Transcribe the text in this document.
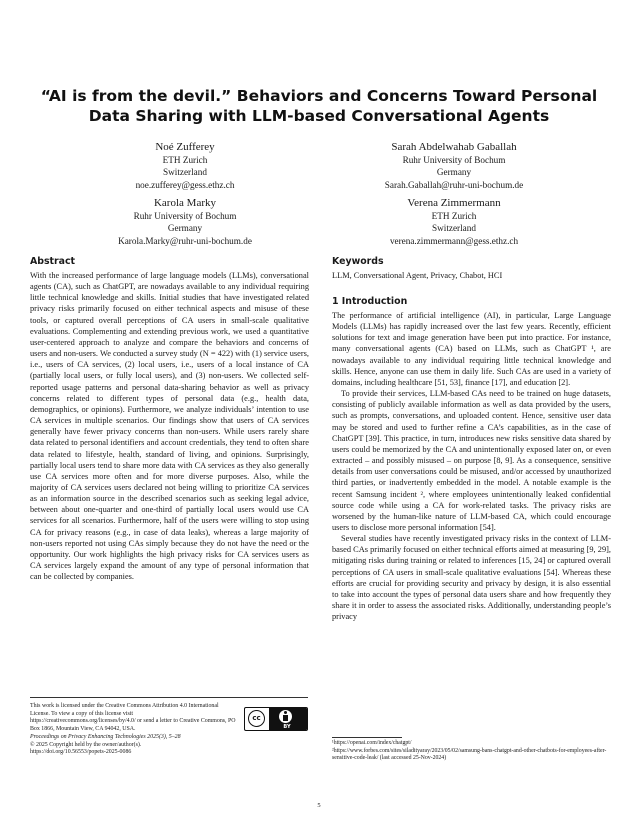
“AI is from the devil.” Behaviors and Concerns Toward Personal Data Sharing with LLM-based Conversational Agents
Noé Zufferey
ETH Zurich
Switzerland
noe.zufferey@gess.ethz.ch
Sarah Abdelwahab Gaballah
Ruhr University of Bochum
Germany
Sarah.Gaballah@ruhr-uni-bochum.de
Karola Marky
Ruhr University of Bochum
Germany
Karola.Marky@ruhr-uni-bochum.de
Verena Zimmermann
ETH Zurich
Switzerland
verena.zimmermann@gess.ethz.ch
Abstract

With the increased performance of large language models (LLMs), conversational agents (CA), such as ChatGPT, are nowadays available to any individual requiring little technical knowledge and skills. Initial studies that have investigated related privacy risks primarily focused on either technical aspects and misuse of these tools, or captured overall perceptions of CA users in small-scale qualitative evaluations. Complementing and extending previous work, we used a quantitative user-centered approach to analyze and compare the behaviors and concerns of users and non-users. We conducted a survey study (N = 422) with (1) service users, i.e., users of CA services, (2) local users, i.e., users of a local instance of CA (partially local users, or fully local users), and (3) non-users. We collected self-reported usage patterns and personal data-sharing behavior as well as privacy concerns related to different types of personal data (e.g., health data, demographics, or opinions). Furthermore, we analyze individuals’ intention to use CA services in multiple scenarios. Our findings show that users of CA services generally have fewer privacy concerns than non-users. While users rarely share data related to personal identifiers and account credentials, they tend to often share data related to lifestyle, health, standard of living, and opinions. Surprisingly, partially local users tend to share more data with CA services as they also generally use CA services more often and for more diverse purposes. Also, while the majority of CA services users declared not being willing to prioritize CA services as an information source in the described scenarios such as seeking legal advice, between about one-quarter and one-third of partially local users would use CA services for all scenarios. Furthermore, half of the users were willing to stop using CA for privacy reasons (e.g., in case of data leaks), whereas a large majority of non-users reported not using CAs simply because they do not have the need or the opportunity. Our work highlights the high privacy risks for CA services users as CA services largely expand the amount of any type of personal information that can be collected by companies.

This work is licensed under the Creative Commons Attribution 4.0 International License. To view a copy of this license visit https://creativecommons.org/licenses/by/4.0/ or send a letter to Creative Commons, PO Box 1866, Mountain View, CA 94042, USA.

Proceedings on Privacy Enhancing Technologies 2025(3), 5–28

© 2025 Copyright held by the owner/author(s).

https://doi.org/10.56553/popets-2025-0086

cc
BY
Keywords

LLM, Conversational Agent, Privacy, Chabot, HCI

1 Introduction

The performance of artificial intelligence (AI), in particular, Large Language Models (LLMs) has rapidly increased over the last few years. Recently, efficient solutions for text and image generation have been put into practice. For instance, many conversational agents (CA) based on LLMs, such as ChatGPT ¹, are nowadays available to any individual requiring little technical knowledge and skills. Hence, anyone can use them in daily life. Such CAs are used in a variety of domains, including healthcare [51, 53], finance [17], and education [2].

To provide their services, LLM-based CAs need to be trained on huge datasets, consisting of publicly available information as well as data provided by the users, such as prompts, conversations, and uploaded content. Hence, sensitive user data may be stored and used to further refine a CA’s capabilities, as in the case of ChatGPT [39]. This practice, in turn, introduces new risks sensitive data shared by users could be memorized by the CA and unintentionally exposed later on, or even extracted – and possibly misused – on purpose [8, 9]. As a consequence, sensitive details from user conversations could be misused, and/or accessed by unauthorized third parties, or inadvertently embedded in the model. A notable example is the recent Samsung incident ², where employees unintentionally leaked confidential source code while using a CA for work-related tasks. The privacy risks are worsened by the human-like nature of LLM-based CA, which could encourage users to disclose more personal information [54].

Several studies have recently investigated privacy risks in the context of LLM-based CAs primarily focused on either technical efforts aimed at measuring [9, 29], mitigating risks during training or related to inferences [15, 24] or captured overall perceptions of CA users in small-scale qualitative evaluations [54]. Whereas these efforts are crucial for providing security and privacy by design, it is also essential to take into account the types of personal data users share and how frequently they share it in order to assess the associated risks. Additionally, understanding people’s privacy

¹https://openai.com/index/chatgpt/

²https://www.forbes.com/sites/siladityaray/2023/05/02/samsung-bans-chatgpt-and-other-chatbots-for-employees-after-sensitive-code-leak/ (last accessed 25-Nov-2024)

5
